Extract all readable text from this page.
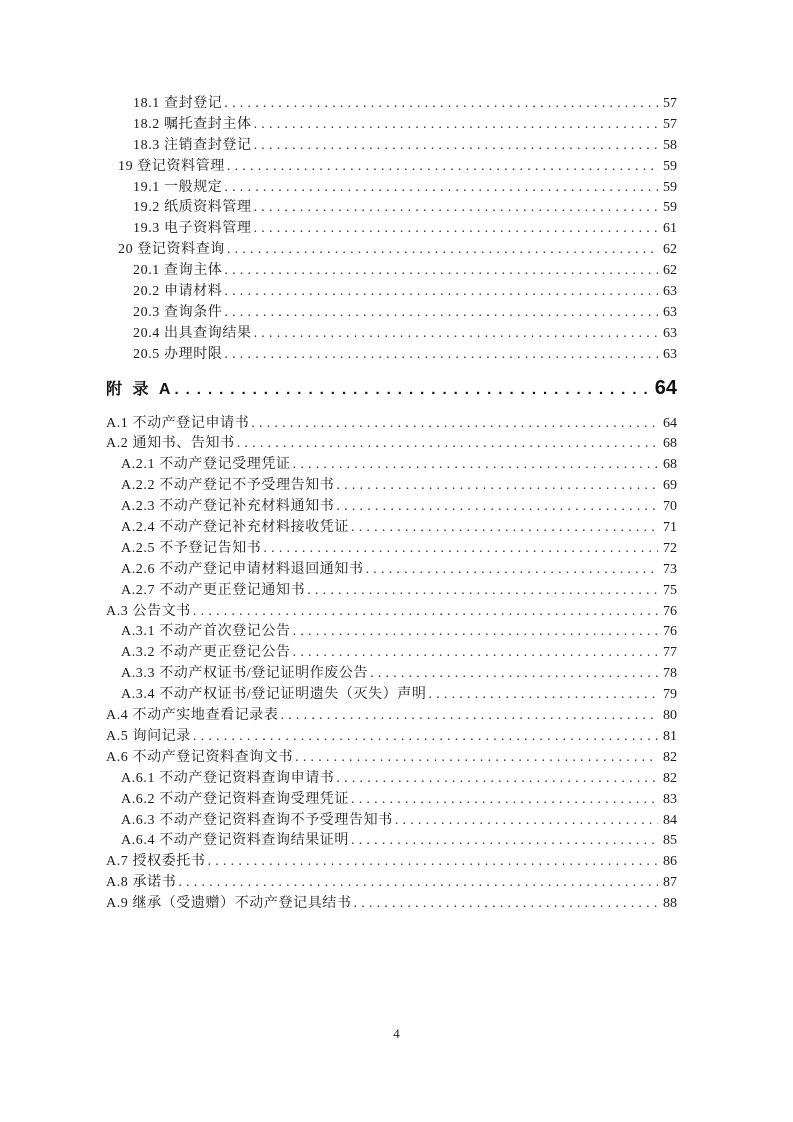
18.1 查封登记 .....	57
18.2 嘱托查封主体 .....	57
18.3 注销查封登记 .....	58
19 登记资料管理 .....	59
19.1 一般规定 .....	59
19.2 纸质资料管理 .....	59
19.3 电子资料管理 .....	61
20 登记资料查询 .....	62
20.1 查询主体 .....	62
20.2 申请材料 .....	63
20.3 查询条件 .....	63
20.4 出具查询结果 .....	63
20.5 办理时限 .....	63
附 录 A .....	64
A.1 不动产登记申请书 .....	64
A.2 通知书、告知书 .....	68
A.2.1 不动产登记受理凭证 .....	68
A.2.2 不动产登记不予受理告知书 .....	69
A.2.3 不动产登记补充材料通知书 .....	70
A.2.4 不动产登记补充材料接收凭证 .....	71
A.2.5 不予登记告知书 .....	72
A.2.6 不动产登记申请材料退回通知书 .....	73
A.2.7 不动产更正登记通知书 .....	75
A.3 公告文书 .....	76
A.3.1 不动产首次登记公告 .....	76
A.3.2 不动产更正登记公告 .....	77
A.3.3 不动产权证书/登记证明作废公告 .....	78
A.3.4 不动产权证书/登记证明遗失（灭失）声明 .....	79
A.4 不动产实地查看记录表 .....	80
A.5 询问记录 .....	81
A.6 不动产登记资料查询文书 .....	82
A.6.1 不动产登记资料查询申请书 .....	82
A.6.2 不动产登记资料查询受理凭证 .....	83
A.6.3 不动产登记资料查询不予受理告知书 .....	84
A.6.4 不动产登记资料查询结果证明 .....	85
A.7 授权委托书 .....	86
A.8 承诺书 .....	87
A.9 继承（受遗赠）不动产登记具结书 .....	88
4
